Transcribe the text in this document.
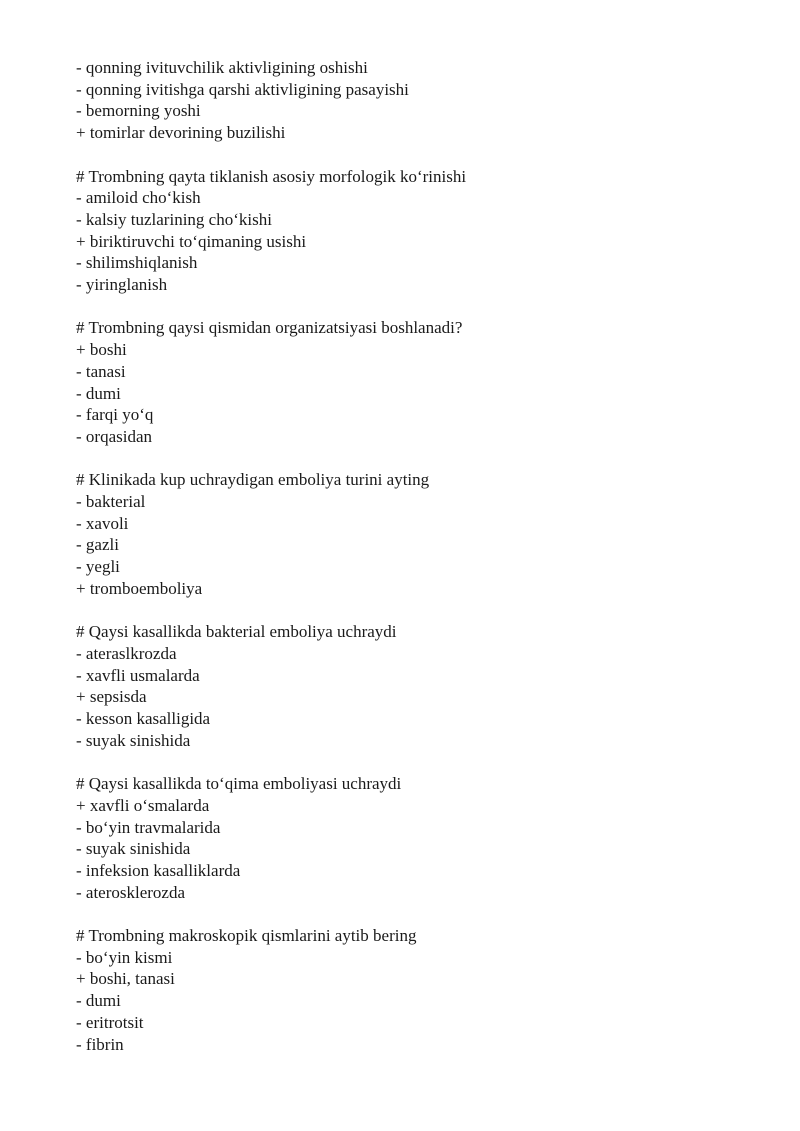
- qonning ivituvchilik aktivligining oshishi
- qonning ivitishga qarshi aktivligining pasayishi
- bemorning yoshi
+ tomirlar devorining buzilishi
# Trombning qayta tiklanish asosiy morfologik ko‘rinishi
- amiloid cho‘kish
- kalsiy tuzlarining cho‘kishi
+ biriktiruvchi to‘qimaning usishi
- shilimshiqlanish
- yiringlanish
# Trombning qaysi qismidan organizatsiyasi boshlanadi?
+ boshi
- tanasi
- dumi
- farqi yo‘q
- orqasidan
# Klinikada kup uchraydigan emboliya turini ayting
- bakterial
- xavoli
- gazli
- yegli
+ tromboemboliya
# Qaysi kasallikda bakterial emboliya uchraydi
- ateraslkrozda
- xavfli usmalarda
+ sepsisda
- kesson kasalligida
- suyak sinishida
# Qaysi kasallikda to‘qima emboliyasi uchraydi
+ xavfli o‘smalarda
- bo‘yin travmalarida
- suyak sinishida
- infeksion kasalliklarda
- aterosklerozda
# Trombning makroskopik qismlarini aytib bering
- bo‘yin kismi
+ boshi, tanasi
- dumi
- eritrotsit
- fibrin
